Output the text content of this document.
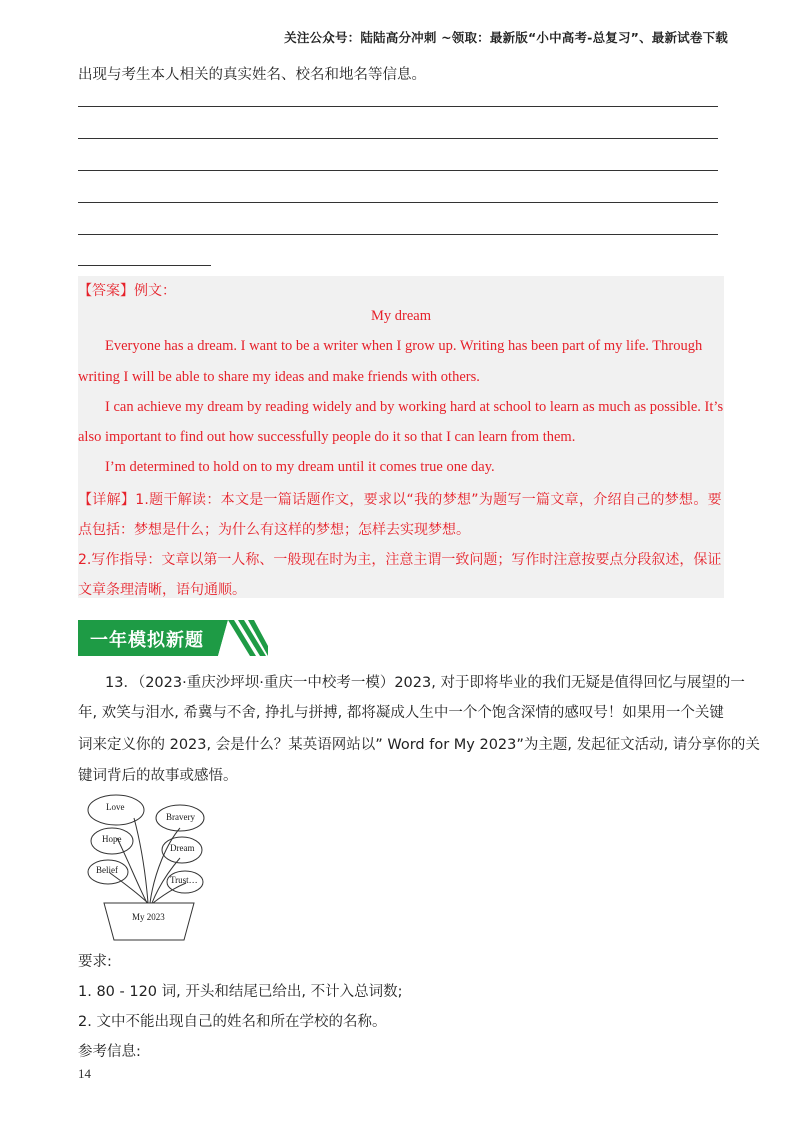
关注公众号：陆陆高分冲刺 ~领取：最新版“小中高考-总复习”、最新试卷下载
出现与考生本人相关的真实姓名、校名和地名等信息。
【答案】例文：
My dream
Everyone has a dream. I want to be a writer when I grow up. Writing has been part of my life. Through
writing I will be able to share my ideas and make friends with others.
I can achieve my dream by reading widely and by working hard at school to learn as much as possible. It’s
also important to find out how successfully people do it so that I can learn from them.
I’m determined to hold on to my dream until it comes true one day.
【详解】1.题干解读：本文是一篇话题作文，要求以“我的梦想”为题写一篇文章，介绍自己的梦想。要
点包括：梦想是什么；为什么有这样的梦想；怎样去实现梦想。
2.写作指导：文章以第一人称、一般现在时为主，注意主谓一致问题；写作时注意按要点分段叙述，保证
文章条理清晰，语句通顺。
一年模拟新题
13．（2023·重庆沙坪坝·重庆一中校考一模）2023, 对于即将毕业的我们无疑是值得回忆与展望的一
年, 欢笑与泪水, 希冀与不舍, 挣扎与拼搏, 都将凝成人生中一个个饱含深情的感叹号！如果用一个关键
词来定义你的 2023, 会是什么？某英语网站以” Word for My 2023”为主题, 发起征文活动, 请分享你的关
键词背后的故事或感悟。
Love
Bravery
Hope
Dream
Belief
Trust…
My 2023
要求:
1. 80 - 120 词, 开头和结尾已给出, 不计入总词数;
2. 文中不能出现自己的姓名和所在学校的名称。
参考信息:
14
